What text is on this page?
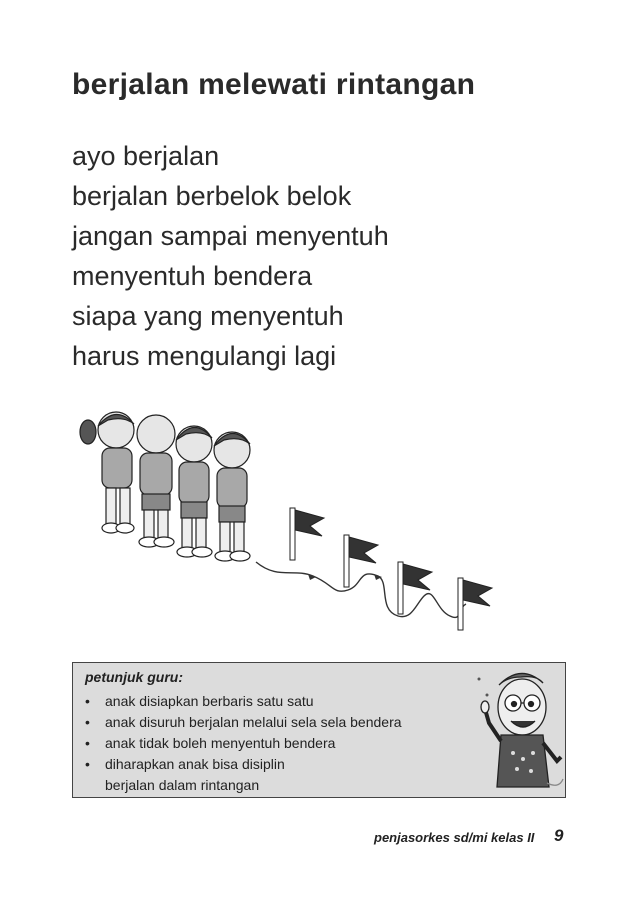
berjalan melewati rintangan
ayo berjalan
berjalan berbelok belok
jangan sampai menyentuh
menyentuh bendera
siapa yang menyentuh
harus mengulangi lagi
petunjuk guru:
• anak disiapkan berbaris satu satu
• anak disuruh berjalan melalui sela sela bendera
• anak tidak boleh menyentuh bendera
• diharapkan anak bisa disiplin
berjalan dalam rintangan
penjasorkes sd/mi kelas II 9
